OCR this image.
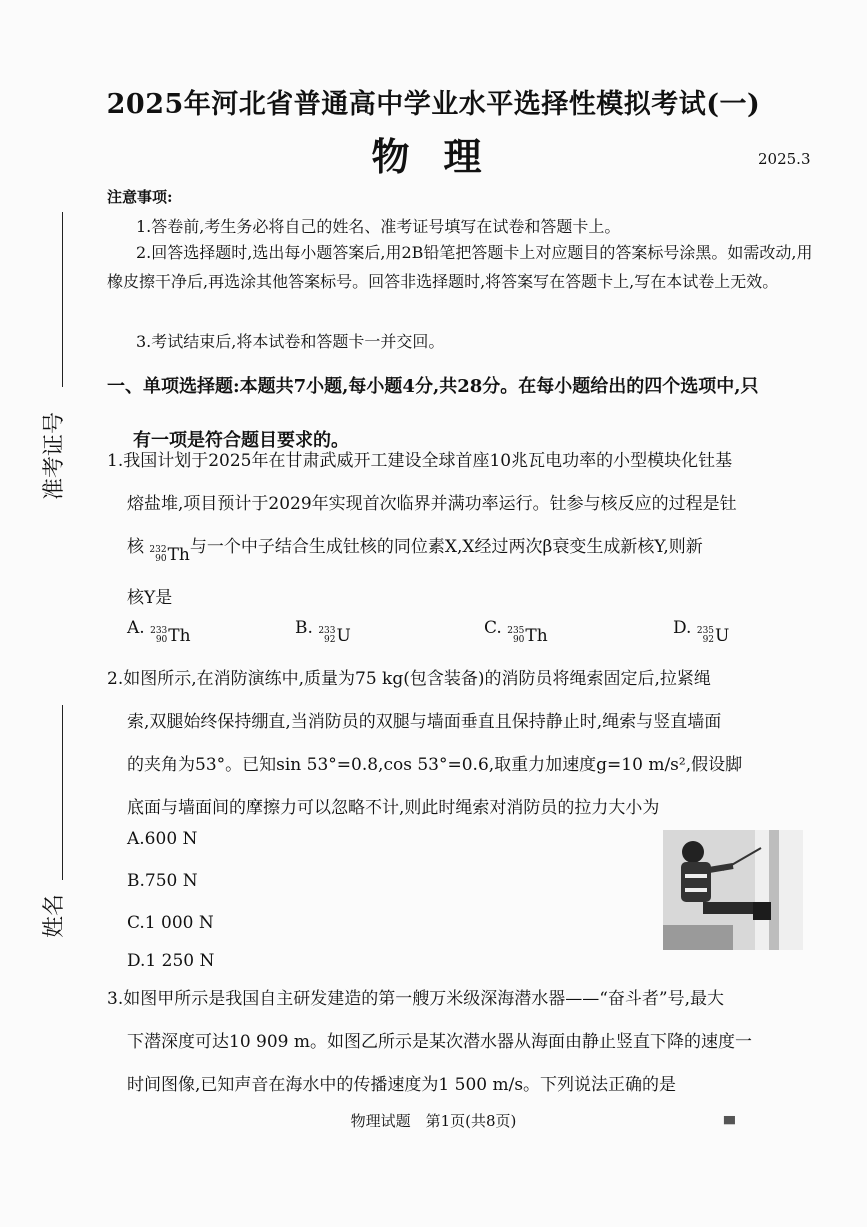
准考证号
姓名
2025年河北省普通高中学业水平选择性模拟考试(一)
物理	2025.3
注意事项:
1.答卷前,考生务必将自己的姓名、准考证号填写在试卷和答题卡上。
2.回答选择题时,选出每小题答案后,用2B铅笔把答题卡上对应题目的答案标号涂黑。如需改动,用橡皮擦干净后,再选涂其他答案标号。回答非选择题时,将答案写在答题卡上,写在本试卷上无效。
3.考试结束后,将本试卷和答题卡一并交回。
一、单项选择题:本题共7小题,每小题4分,共28分。在每小题给出的四个选项中,只
有一项是符合题目要求的。
1.我国计划于2025年在甘肃武威开工建设全球首座10兆瓦电功率的小型模块化钍基
熔盐堆,项目预计于2029年实现首次临界并满功率运行。钍参与核反应的过程是钍
核 232
90 Th 与一个中子结合生成钍核的同位素X,X经过两次β衰变生成新核Y,则新
核Y是
A. 233
90 Th	B. 233
92 U	C. 235
90 Th	D. 235
92 U
2.如图所示,在消防演练中,质量为75 kg(包含装备)的消防员将绳索固定后,拉紧绳
索,双腿始终保持绷直,当消防员的双腿与墙面垂直且保持静止时,绳索与竖直墙面
的夹角为53°。已知sin 53°=0.8,cos 53°=0.6,取重力加速度g=10 m/s²,假设脚
底面与墙面间的摩擦力可以忽略不计,则此时绳索对消防员的拉力大小为
A.600 N
B.750 N
C.1 000 N
D.1 250 N
3.如图甲所示是我国自主研发建造的第一艘万米级深海潜水器——“奋斗者”号,最大
下潜深度可达10 909 m。如图乙所示是某次潜水器从海面由静止竖直下降的速度一
时间图像,已知声音在海水中的传播速度为1 500 m/s。下列说法正确的是
物理试题　第1页(共8页)	▀
